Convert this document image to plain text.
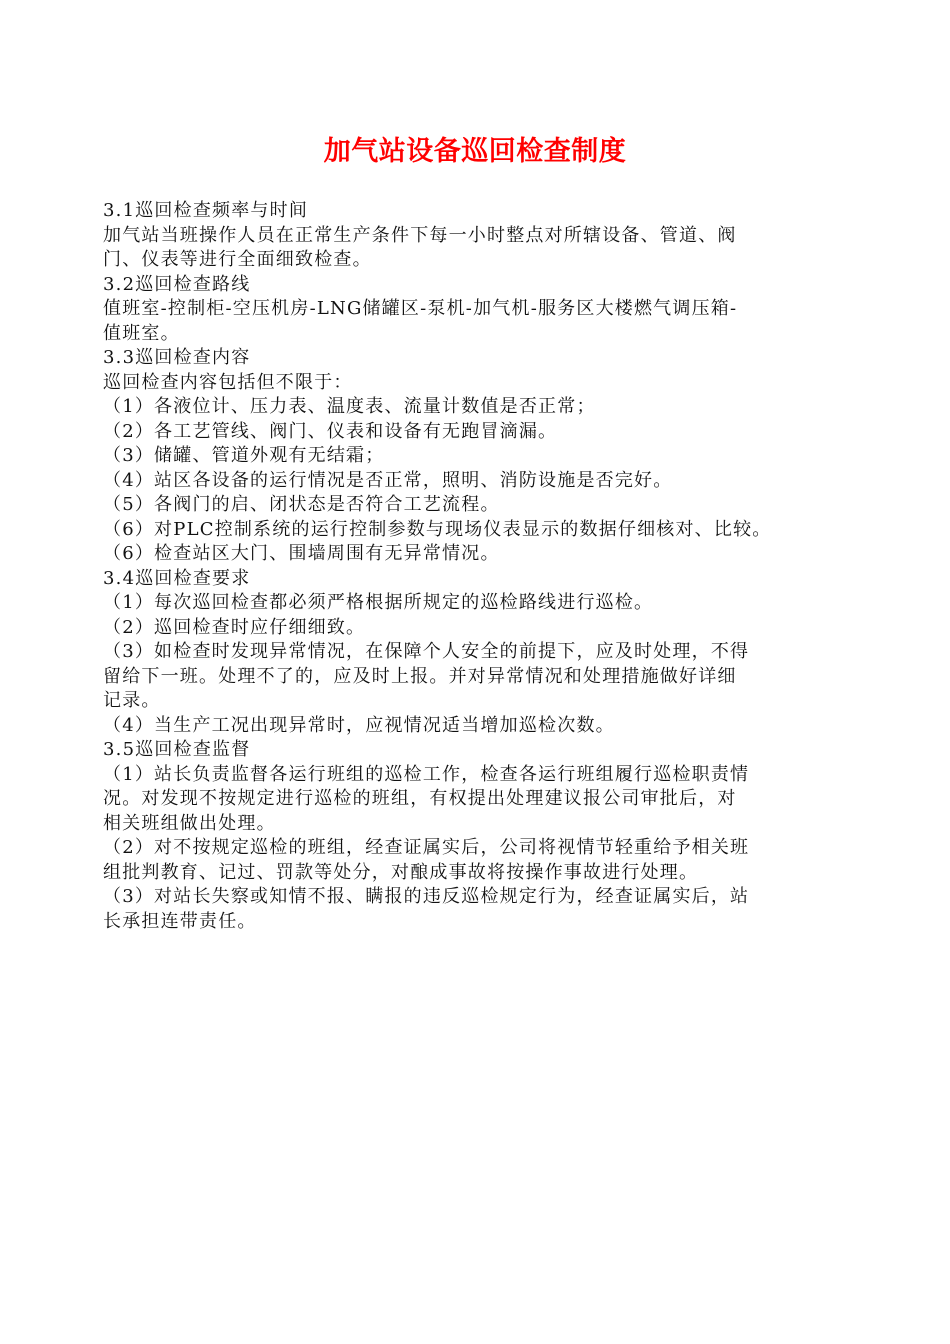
加气站设备巡回检查制度
3.1巡回检查频率与时间
加气站当班操作人员在正常生产条件下每一小时整点对所辖设备、管道、阀
门、仪表等进行全面细致检查。
3.2巡回检查路线
值班室-控制柜-空压机房-LNG储罐区-泵机-加气机-服务区大楼燃气调压箱-
值班室。
3.3巡回检查内容
巡回检查内容包括但不限于：
（1）各液位计、压力表、温度表、流量计数值是否正常；
（2）各工艺管线、阀门、仪表和设备有无跑冒滴漏。
（3）储罐、管道外观有无结霜；
（4）站区各设备的运行情况是否正常，照明、消防设施是否完好。
（5）各阀门的启、闭状态是否符合工艺流程。
（6）对PLC控制系统的运行控制参数与现场仪表显示的数据仔细核对、比较。
（6）检查站区大门、围墙周围有无异常情况。
3.4巡回检查要求
（1）每次巡回检查都必须严格根据所规定的巡检路线进行巡检。
（2）巡回检查时应仔细细致。
（3）如检查时发现异常情况，在保障个人安全的前提下，应及时处理，不得
留给下一班。处理不了的，应及时上报。并对异常情况和处理措施做好详细
记录。
（4）当生产工况出现异常时，应视情况适当增加巡检次数。
3.5巡回检查监督
（1）站长负责监督各运行班组的巡检工作，检查各运行班组履行巡检职责情
况。对发现不按规定进行巡检的班组，有权提出处理建议报公司审批后，对
相关班组做出处理。
（2）对不按规定巡检的班组，经查证属实后，公司将视情节轻重给予相关班
组批判教育、记过、罚款等处分，对酿成事故将按操作事故进行处理。
（3）对站长失察或知情不报、瞒报的违反巡检规定行为，经查证属实后，站
长承担连带责任。
